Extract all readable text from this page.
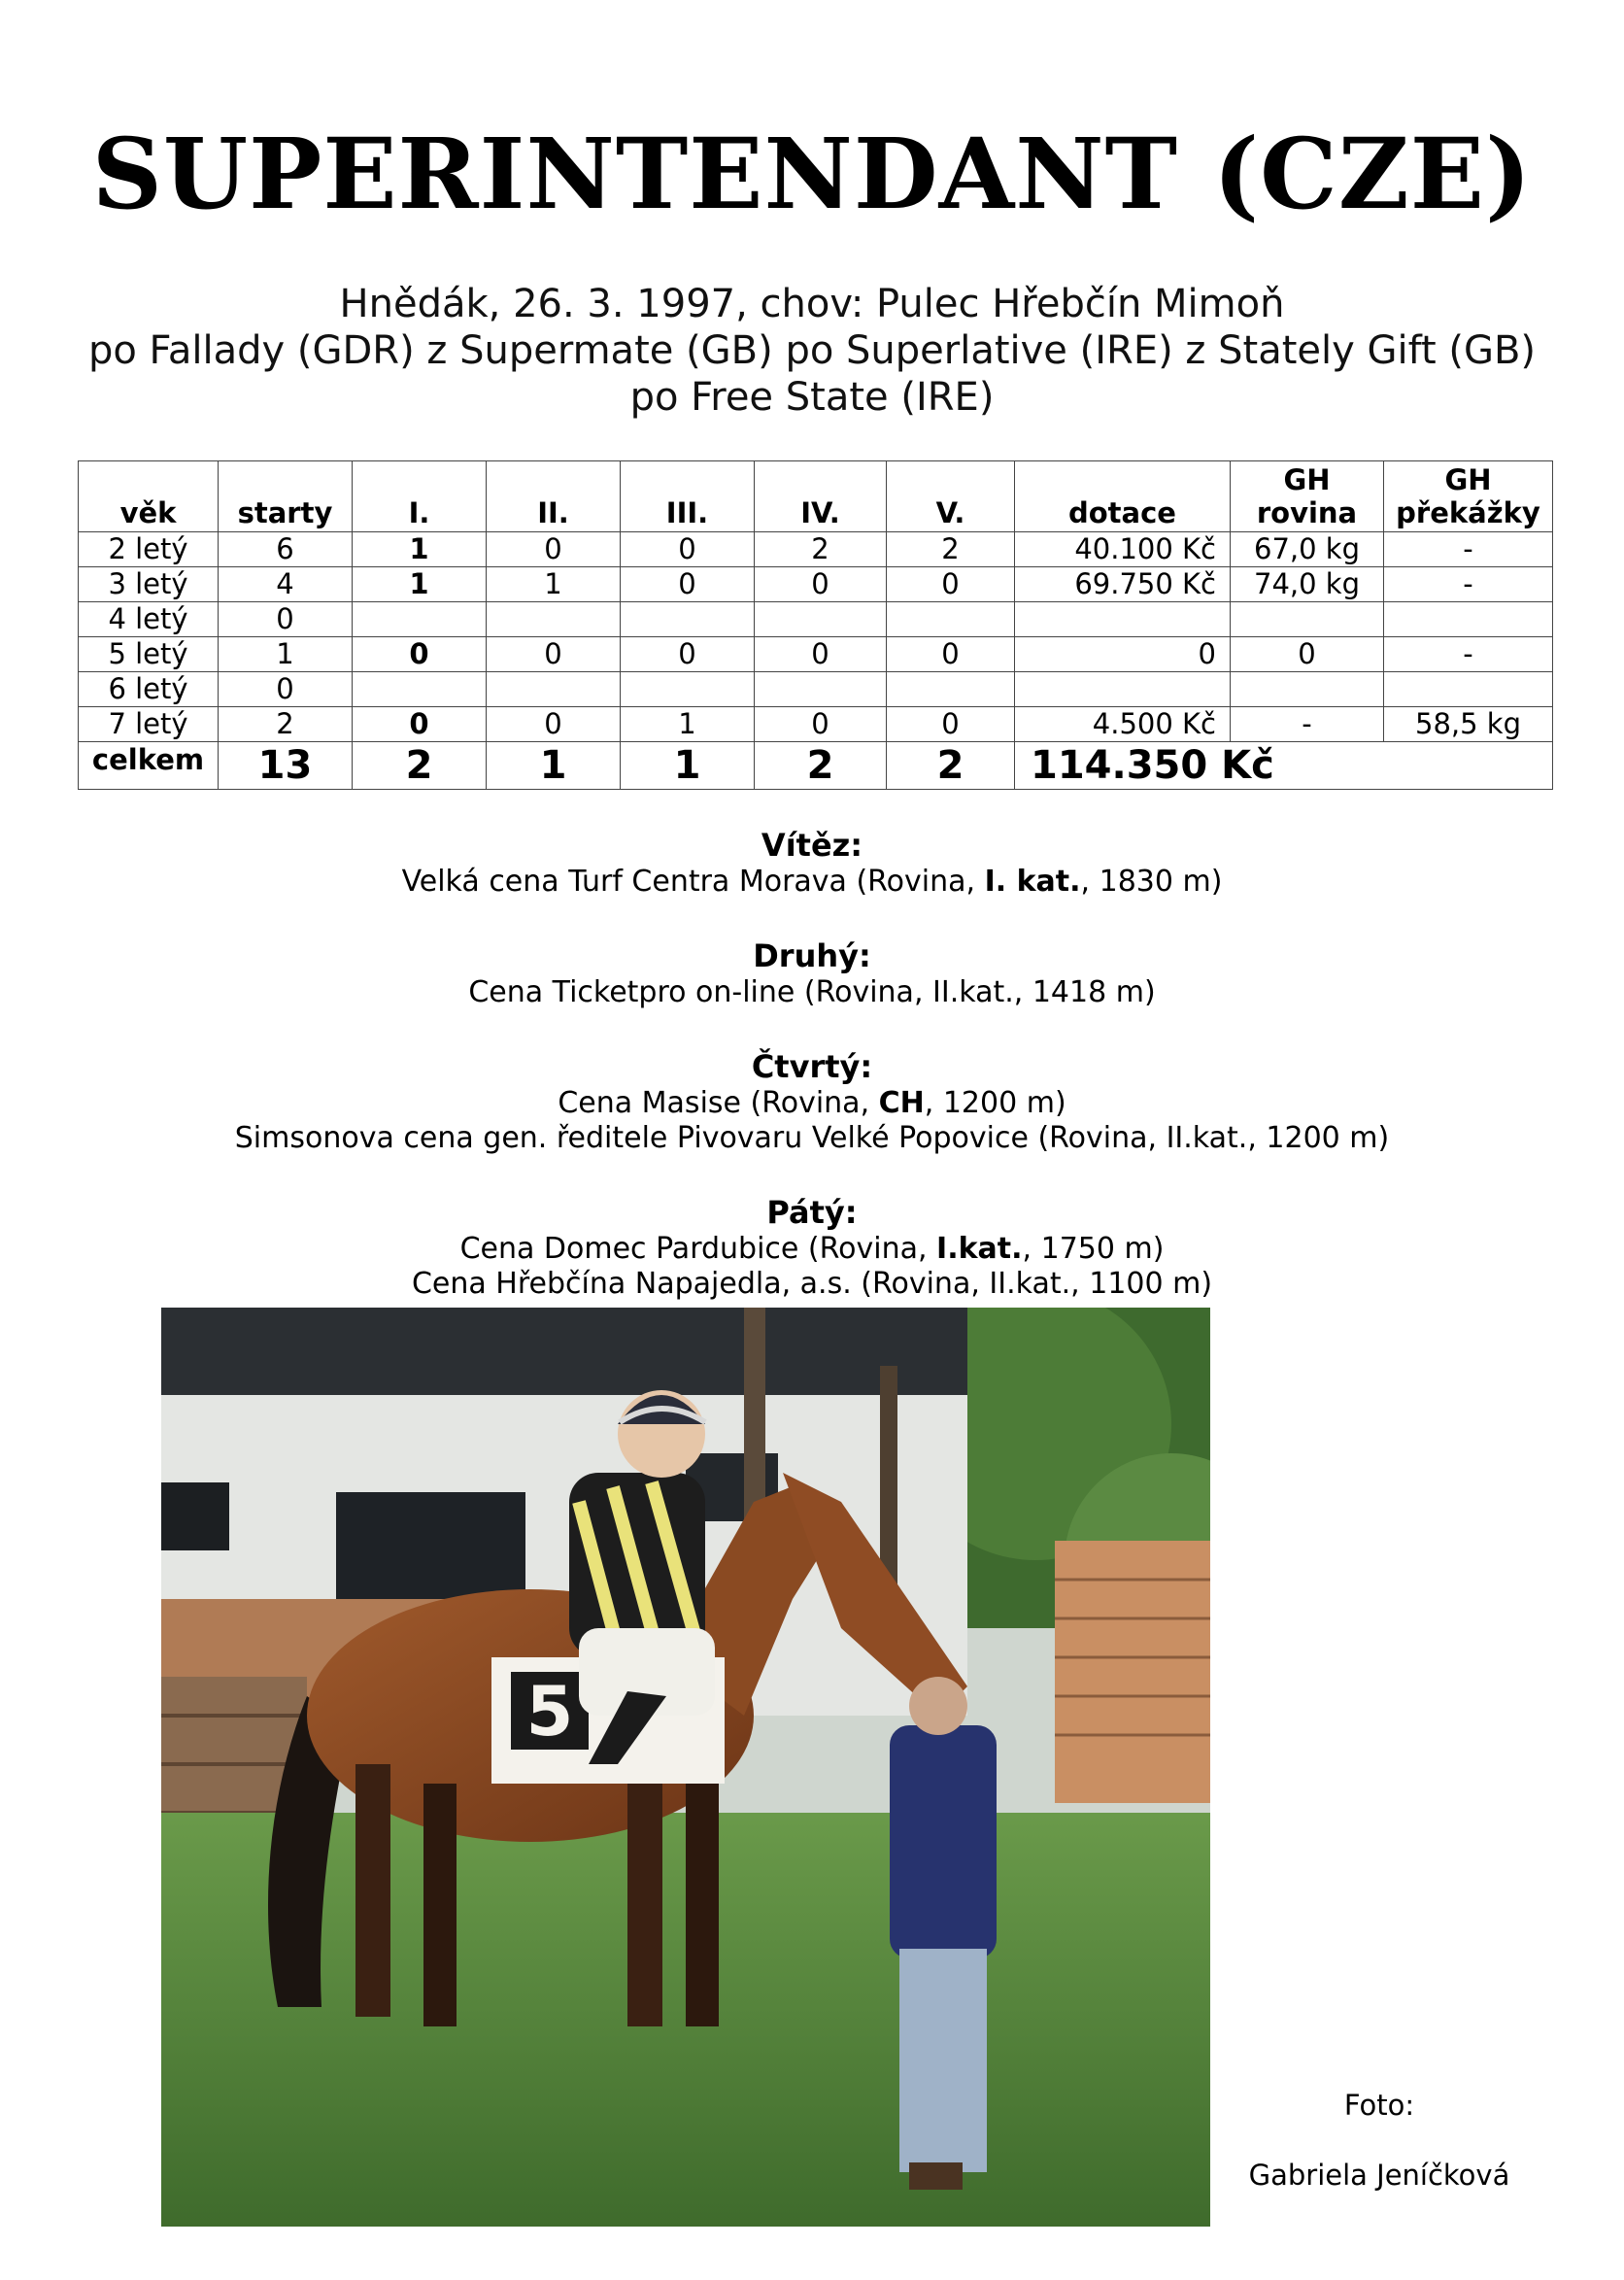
SUPERINTENDANT (CZE)
Hnědák, 26. 3. 1997, chov: Pulec Hřebčín Mimoň
po Fallady (GDR) z Supermate (GB) po Superlative (IRE) z Stately Gift (GB)
po Free State (IRE)
věk	starty	I.	II.	III.	IV.	V.	dotace	GH rovina	GH překážky
2 letý	6	1	0	0	2	2	40.100 Kč	67,0 kg	-
3 letý	4	1	1	0	0	0	69.750 Kč	74,0 kg	-
4 letý	0								
5 letý	1	0	0	0	0	0	0	0	-
6 letý	0								
7 letý	2	0	0	1	0	0	4.500 Kč	-	58,5 kg
celkem	13	2	1	1	2	2	114.350 Kč		
Vítěz:
Velká cena Turf Centra Morava (Rovina, I. kat., 1830 m)
Druhý:
Cena Ticketpro on-line (Rovina, II.kat., 1418 m)
Čtvrtý:
Cena Masise (Rovina, CH, 1200 m)
Simsonova cena gen. ředitele Pivovaru Velké Popovice (Rovina, II.kat., 1200 m)
Pátý:
Cena Domec Pardubice (Rovina, I.kat., 1750 m)
Cena Hřebčína Napajedla, a.s. (Rovina, II.kat., 1100 m)
5
Foto:
Gabriela Jeníčková
